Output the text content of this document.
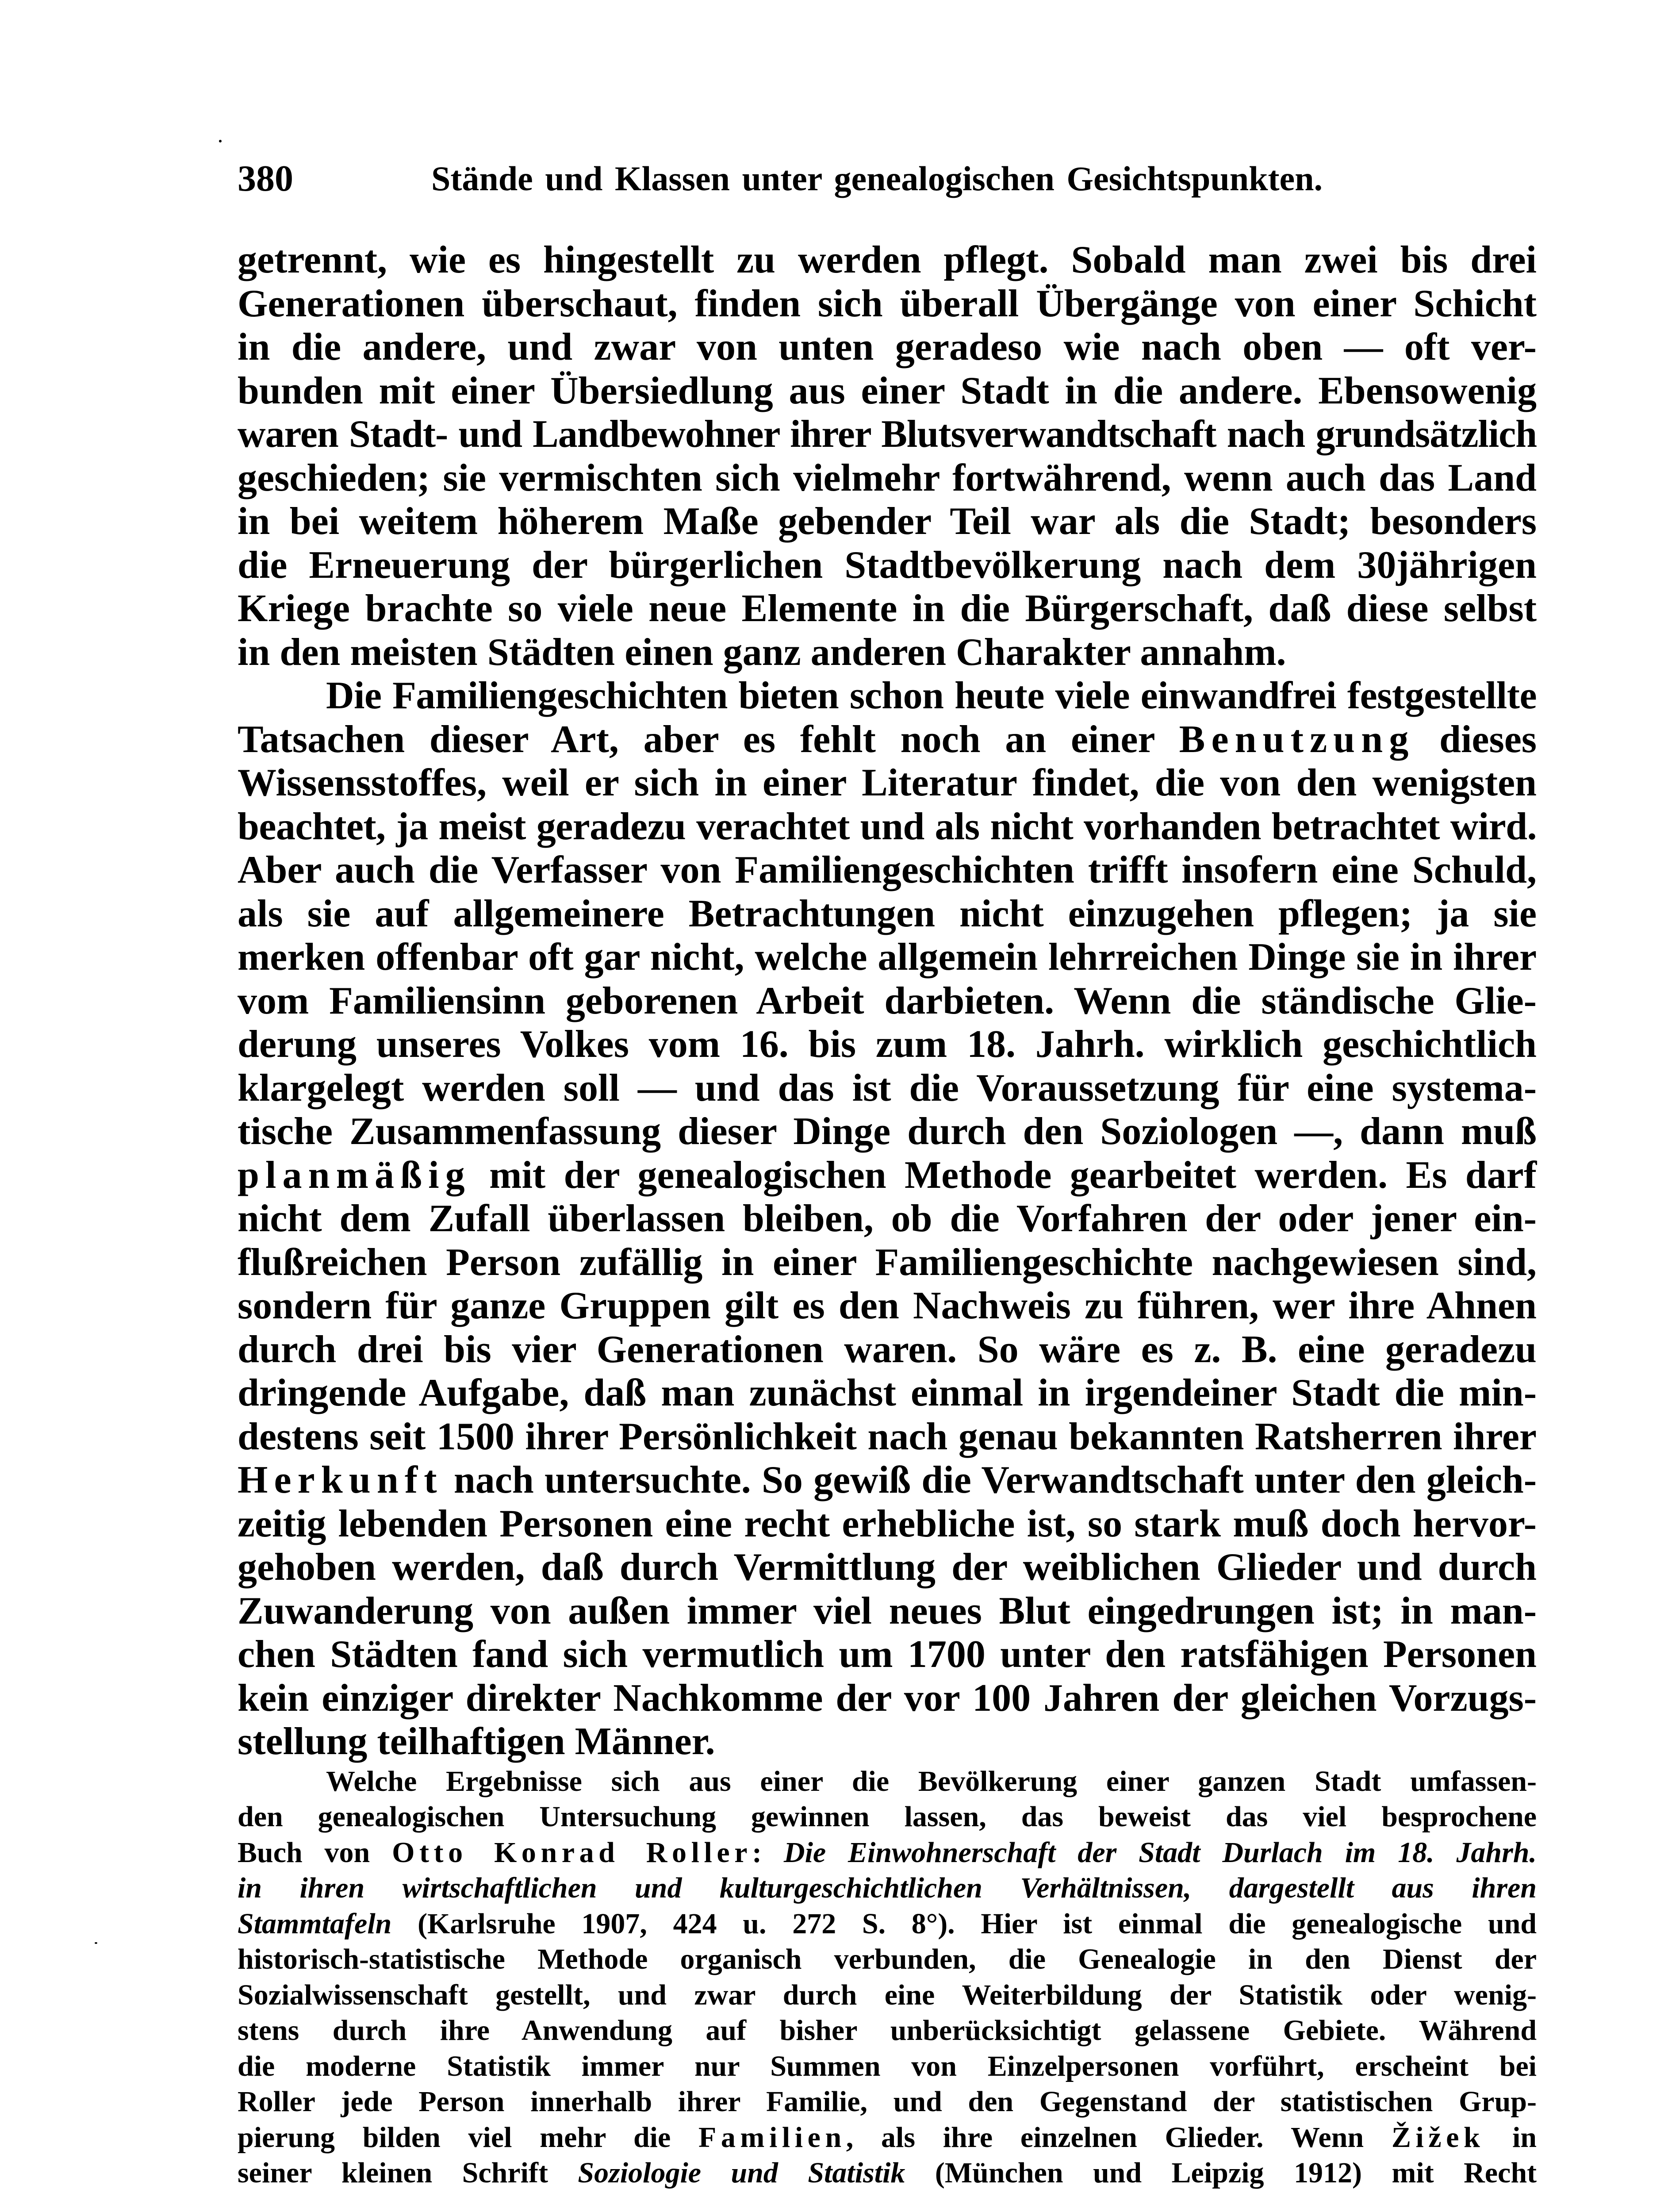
380	Stände und Klassen unter genealogischen Gesichtspunkten.
getrennt, wie es hingestellt zu werden pflegt. Sobald man zwei bis drei
Generationen überschaut, finden sich überall Übergänge von einer Schicht
in die andere, und zwar von unten geradeso wie nach oben — oft ver-
bunden mit einer Übersiedlung aus einer Stadt in die andere. Ebensowenig
waren Stadt- und Landbewohner ihrer Blutsverwandtschaft nach grundsätzlich
geschieden; sie vermischten sich vielmehr fortwährend, wenn auch das Land
in bei weitem höherem Maße gebender Teil war als die Stadt; besonders
die Erneuerung der bürgerlichen Stadtbevölkerung nach dem 30jährigen
Kriege brachte so viele neue Elemente in die Bürgerschaft, daß diese selbst
in den meisten Städten einen ganz anderen Charakter annahm.
Die Familiengeschichten bieten schon heute viele einwandfrei festgestellte
Tatsachen dieser Art, aber es fehlt noch an einer Benutzung dieses
Wissensstoffes, weil er sich in einer Literatur findet, die von den wenigsten
beachtet, ja meist geradezu verachtet und als nicht vorhanden betrachtet wird.
Aber auch die Verfasser von Familiengeschichten trifft insofern eine Schuld,
als sie auf allgemeinere Betrachtungen nicht einzugehen pflegen; ja sie
merken offenbar oft gar nicht, welche allgemein lehrreichen Dinge sie in ihrer
vom Familiensinn geborenen Arbeit darbieten. Wenn die ständische Glie-
derung unseres Volkes vom 16. bis zum 18. Jahrh. wirklich geschichtlich
klargelegt werden soll — und das ist die Voraussetzung für eine systema-
tische Zusammenfassung dieser Dinge durch den Soziologen —, dann muß
planmäßig mit der genealogischen Methode gearbeitet werden. Es darf
nicht dem Zufall überlassen bleiben, ob die Vorfahren der oder jener ein-
flußreichen Person zufällig in einer Familiengeschichte nachgewiesen sind,
sondern für ganze Gruppen gilt es den Nachweis zu führen, wer ihre Ahnen
durch drei bis vier Generationen waren. So wäre es z. B. eine geradezu
dringende Aufgabe, daß man zunächst einmal in irgendeiner Stadt die min-
destens seit 1500 ihrer Persönlichkeit nach genau bekannten Ratsherren ihrer
Herkunft nach untersuchte. So gewiß die Verwandtschaft unter den gleich-
zeitig lebenden Personen eine recht erhebliche ist, so stark muß doch hervor-
gehoben werden, daß durch Vermittlung der weiblichen Glieder und durch
Zuwanderung von außen immer viel neues Blut eingedrungen ist; in man-
chen Städten fand sich vermutlich um 1700 unter den ratsfähigen Personen
kein einziger direkter Nachkomme der vor 100 Jahren der gleichen Vorzugs-
stellung teilhaftigen Männer.
Welche Ergebnisse sich aus einer die Bevölkerung einer ganzen Stadt umfassen-
den genealogischen Untersuchung gewinnen lassen, das beweist das viel besprochene
Buch von Otto Konrad Roller: Die Einwohnerschaft der Stadt Durlach im 18. Jahrh.
in ihren wirtschaftlichen und kulturgeschichtlichen Verhältnissen, dargestellt aus ihren
Stammtafeln (Karlsruhe 1907, 424 u. 272 S. 8°). Hier ist einmal die genealogische und
historisch-statistische Methode organisch verbunden, die Genealogie in den Dienst der
Sozialwissenschaft gestellt, und zwar durch eine Weiterbildung der Statistik oder wenig-
stens durch ihre Anwendung auf bisher unberücksichtigt gelassene Gebiete. Während
die moderne Statistik immer nur Summen von Einzelpersonen vorführt, erscheint bei
Roller jede Person innerhalb ihrer Familie, und den Gegenstand der statistischen Grup-
pierung bilden viel mehr die Familien, als ihre einzelnen Glieder. Wenn Žižek in
seiner kleinen Schrift Soziologie und Statistik (München und Leipzig 1912) mit Recht
